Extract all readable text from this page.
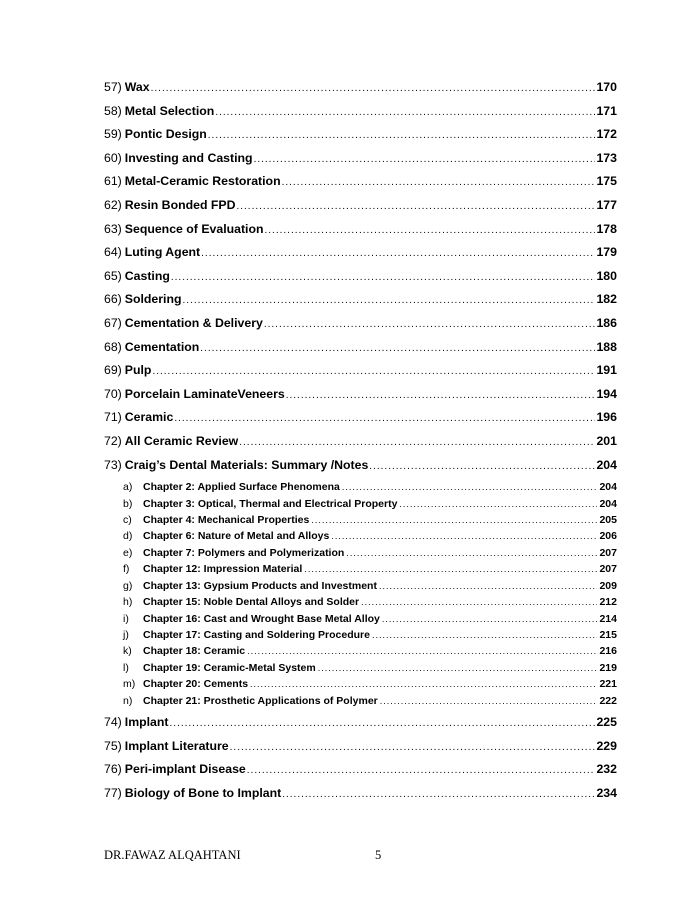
57) Wax .....	170
58) Metal Selection .....	171
59) Pontic Design .....	172
60) Investing and Casting .....	173
61) Metal-Ceramic Restoration .....	175
62) Resin Bonded FPD .....	177
63) Sequence of Evaluation .....	178
64) Luting Agent .....	179
65) Casting .....	180
66) Soldering .....	182
67) Cementation & Delivery .....	186
68) Cementation .....	188
69) Pulp .....	191
70) Porcelain LaminateVeneers .....	194
71) Ceramic .....	196
72) All Ceramic Review .....	201
73) Craig’s Dental Materials: Summary /Notes .....	204
a)	Chapter 2: Applied Surface Phenomena .....	204
b)	Chapter 3: Optical, Thermal and Electrical Property .....	204
c)	Chapter 4: Mechanical Properties .....	205
d)	Chapter 6: Nature of Metal and Alloys .....	206
e)	Chapter 7: Polymers and Polymerization .....	207
f)	Chapter 12: Impression Material .....	207
g)	Chapter 13: Gypsium Products and Investment .....	209
h)	Chapter 15: Noble Dental Alloys and Solder .....	212
i)	Chapter 16: Cast and Wrought Base Metal Alloy .....	214
j)	Chapter 17: Casting and Soldering Procedure .....	215
k)	Chapter 18: Ceramic .....	216
l)	Chapter 19: Ceramic-Metal System .....	219
m) Chapter 20: Cements .....	221
n)	Chapter 21: Prosthetic Applications of Polymer .....	222
74) Implant .....	225
75) Implant Literature .....	229
76) Peri-implant Disease .....	232
77) Biology of Bone to Implant .....	234
DR.FAWAZ ALQAHTANI	5
